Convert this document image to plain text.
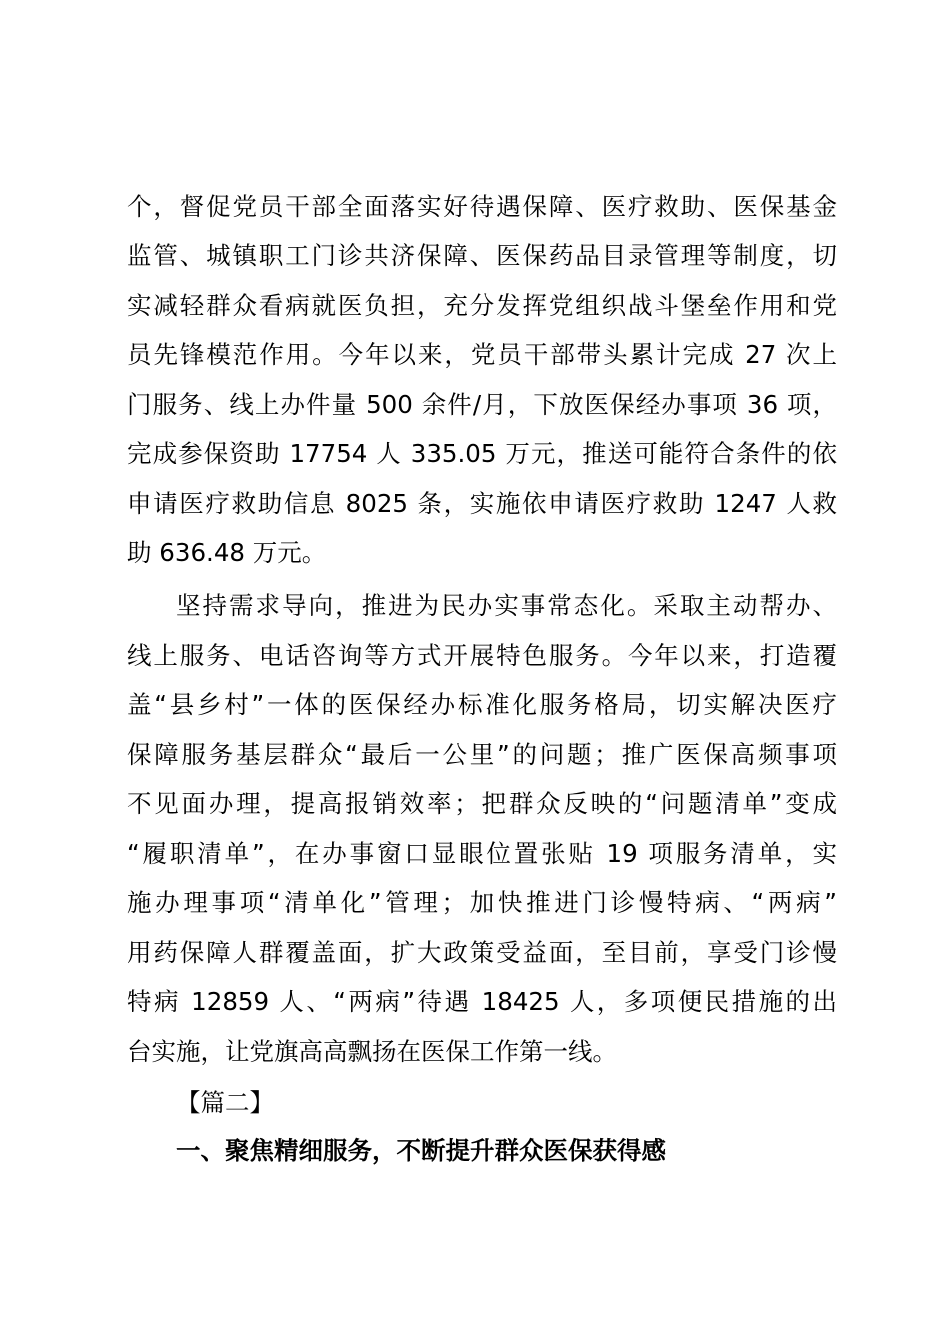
个，督促党员干部全面落实好待遇保障、医疗救助、医保基金
监管、城镇职工门诊共济保障、医保药品目录管理等制度，切
实减轻群众看病就医负担，充分发挥党组织战斗堡垒作用和党
员先锋模范作用。今年以来，党员干部带头累计完成 27 次上
门服务、线上办件量 500 余件/月，下放医保经办事项 36 项，
完成参保资助 17754 人 335.05 万元，推送可能符合条件的依
申请医疗救助信息 8025 条，实施依申请医疗救助 1247 人救
助 636.48 万元。
坚持需求导向，推进为民办实事常态化。采取主动帮办、
线上服务、电话咨询等方式开展特色服务。今年以来，打造覆
盖“县乡村”一体的医保经办标准化服务格局，切实解决医疗
保障服务基层群众“最后一公里”的问题；推广医保高频事项
不见面办理，提高报销效率；把群众反映的“问题清单”变成
“履职清单”，在办事窗口显眼位置张贴 19 项服务清单，实
施办理事项“清单化”管理；加快推进门诊慢特病、“两病”
用药保障人群覆盖面，扩大政策受益面，至目前，享受门诊慢
特病 12859 人、“两病”待遇 18425 人，多项便民措施的出
台实施，让党旗高高飘扬在医保工作第一线。
【篇二】
一、聚焦精细服务，不断提升群众医保获得感
